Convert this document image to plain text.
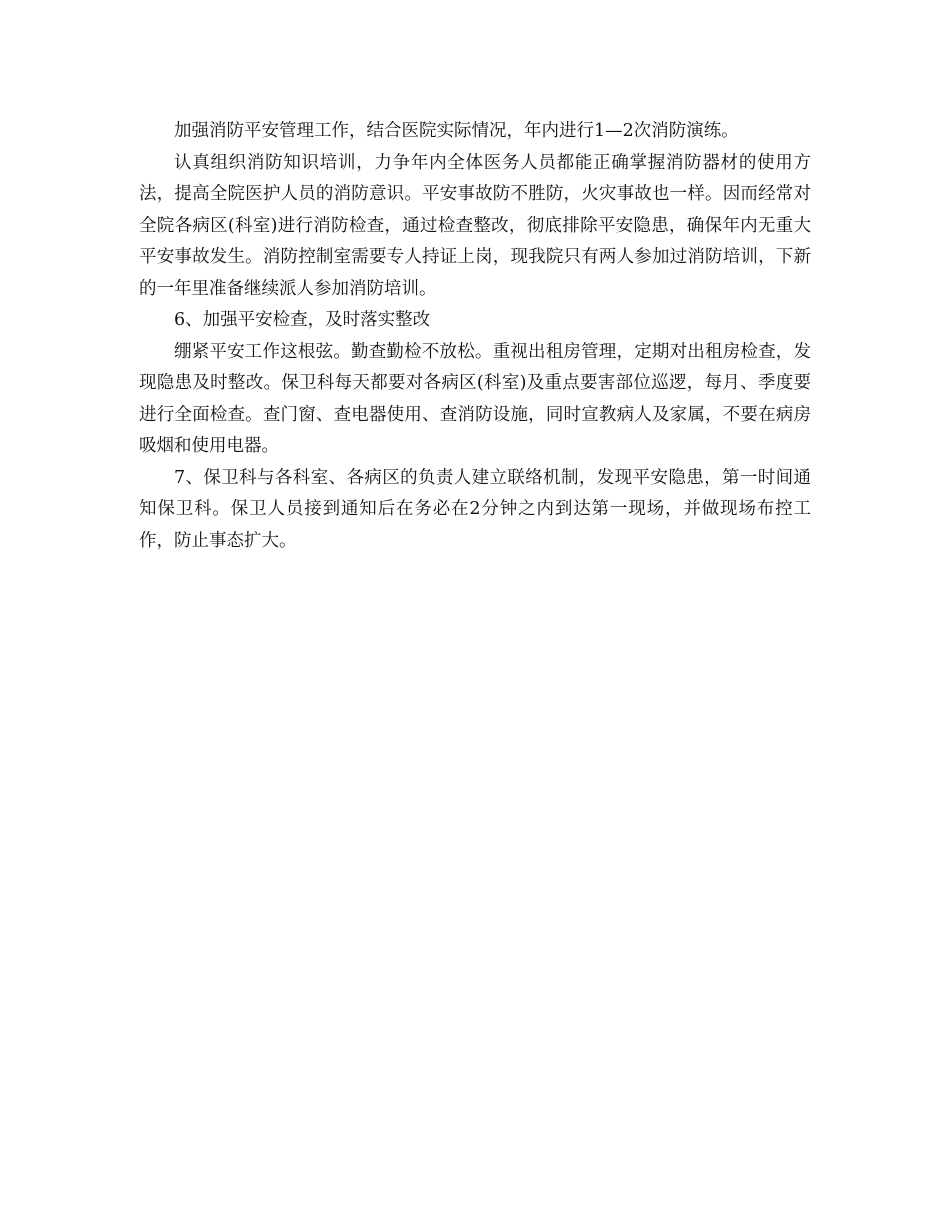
加强消防平安管理工作，结合医院实际情况，年内进行1—2次消防演练。

认真组织消防知识培训，力争年内全体医务人员都能正确掌握消防器材的使用方法，提高全院医护人员的消防意识。平安事故防不胜防，火灾事故也一样。因而经常对全院各病区(科室)进行消防检查，通过检查整改，彻底排除平安隐患，确保年内无重大平安事故发生。消防控制室需要专人持证上岗，现我院只有两人参加过消防培训，下新的一年里准备继续派人参加消防培训。

6、加强平安检查，及时落实整改

绷紧平安工作这根弦。勤查勤检不放松。重视出租房管理，定期对出租房检查，发现隐患及时整改。保卫科每天都要对各病区(科室)及重点要害部位巡逻，每月、季度要进行全面检查。查门窗、查电器使用、查消防设施，同时宣教病人及家属，不要在病房吸烟和使用电器。

7、保卫科与各科室、各病区的负责人建立联络机制，发现平安隐患，第一时间通知保卫科。保卫人员接到通知后在务必在2分钟之内到达第一现场，并做现场布控工作，防止事态扩大。
